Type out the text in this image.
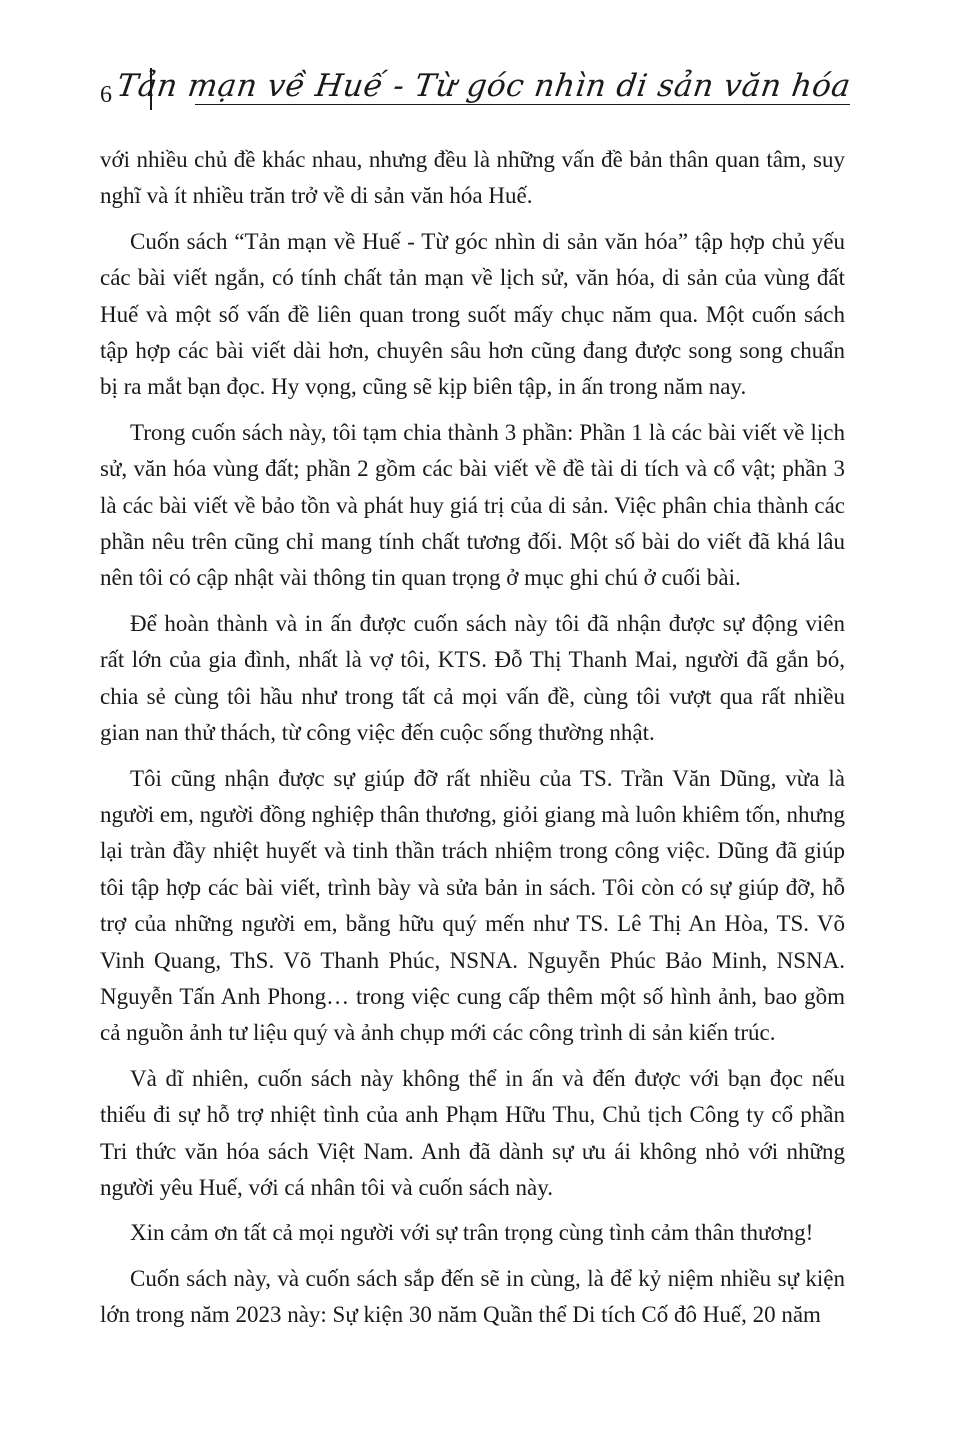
6 Tản mạn về Huế - Từ góc nhìn di sản văn hóa

với nhiều chủ đề khác nhau, nhưng đều là những vấn đề bản thân quan tâm, suy nghĩ và ít nhiều trăn trở về di sản văn hóa Huế.

Cuốn sách “Tản mạn về Huế - Từ góc nhìn di sản văn hóa” tập hợp chủ yếu các bài viết ngắn, có tính chất tản mạn về lịch sử, văn hóa, di sản của vùng đất Huế và một số vấn đề liên quan trong suốt mấy chục năm qua. Một cuốn sách tập hợp các bài viết dài hơn, chuyên sâu hơn cũng đang được song song chuẩn bị ra mắt bạn đọc. Hy vọng, cũng sẽ kịp biên tập, in ấn trong năm nay.

Trong cuốn sách này, tôi tạm chia thành 3 phần: Phần 1 là các bài viết về lịch sử, văn hóa vùng đất; phần 2 gồm các bài viết về đề tài di tích và cổ vật; phần 3 là các bài viết về bảo tồn và phát huy giá trị của di sản. Việc phân chia thành các phần nêu trên cũng chỉ mang tính chất tương đối. Một số bài do viết đã khá lâu nên tôi có cập nhật vài thông tin quan trọng ở mục ghi chú ở cuối bài.

Để hoàn thành và in ấn được cuốn sách này tôi đã nhận được sự động viên rất lớn của gia đình, nhất là vợ tôi, KTS. Đỗ Thị Thanh Mai, người đã gắn bó, chia sẻ cùng tôi hầu như trong tất cả mọi vấn đề, cùng tôi vượt qua rất nhiều gian nan thử thách, từ công việc đến cuộc sống thường nhật.

Tôi cũng nhận được sự giúp đỡ rất nhiều của TS. Trần Văn Dũng, vừa là người em, người đồng nghiệp thân thương, giỏi giang mà luôn khiêm tốn, nhưng lại tràn đầy nhiệt huyết và tinh thần trách nhiệm trong công việc. Dũng đã giúp tôi tập hợp các bài viết, trình bày và sửa bản in sách. Tôi còn có sự giúp đỡ, hỗ trợ của những người em, bằng hữu quý mến như TS. Lê Thị An Hòa, TS. Võ Vinh Quang, ThS. Võ Thanh Phúc, NSNA. Nguyễn Phúc Bảo Minh, NSNA. Nguyễn Tấn Anh Phong… trong việc cung cấp thêm một số hình ảnh, bao gồm cả nguồn ảnh tư liệu quý và ảnh chụp mới các công trình di sản kiến trúc.

Và dĩ nhiên, cuốn sách này không thể in ấn và đến được với bạn đọc nếu thiếu đi sự hỗ trợ nhiệt tình của anh Phạm Hữu Thu, Chủ tịch Công ty cổ phần Tri thức văn hóa sách Việt Nam. Anh đã dành sự ưu ái không nhỏ với những người yêu Huế, với cá nhân tôi và cuốn sách này.

Xin cảm ơn tất cả mọi người với sự trân trọng cùng tình cảm thân thương!

Cuốn sách này, và cuốn sách sắp đến sẽ in cùng, là để kỷ niệm nhiều sự kiện lớn trong năm 2023 này: Sự kiện 30 năm Quần thể Di tích Cố đô Huế, 20 năm
